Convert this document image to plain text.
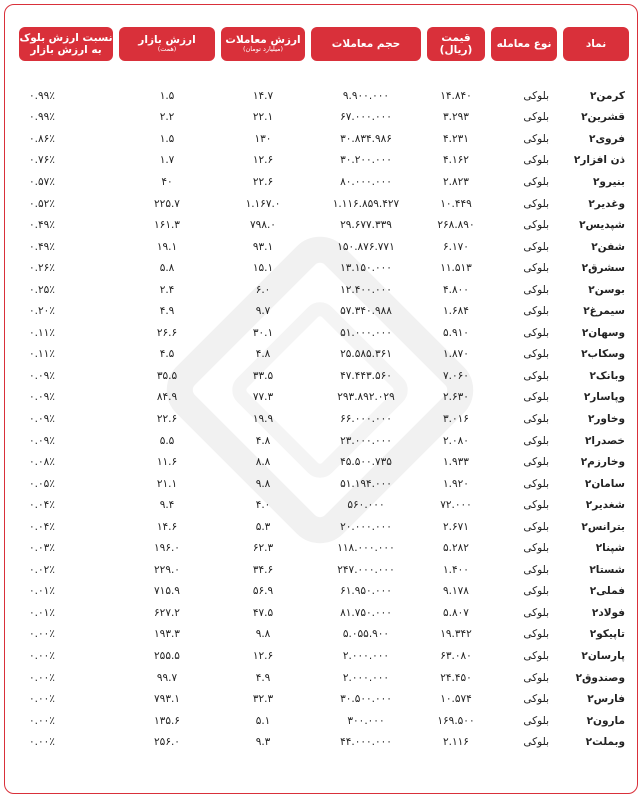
نماد
نوع معامله
قیمت (ریال)
حجم معاملات
ارزش معاملات
(میلیارد تومان)
ارزش بازار
(همت)
نسبت ارزش بلوک
به ارزش بازار
کرمن۲
بلوکی
۱۴.۸۴۰
۹.۹۰۰.۰۰۰
۱۴.۷
۱.۵
۰.۹۹٪
قشرین۲
بلوکی
۳.۲۹۳
۶۷.۰۰۰.۰۰۰
۲۲.۱
۲.۲
۰.۹۹٪
فروی۲
بلوکی
۴.۲۳۱
۳۰.۸۳۴.۹۸۶
۱۳۰
۱.۵
۰.۸۶٪
ذن افزار۲
بلوکی
۴.۱۶۲
۳۰.۲۰۰.۰۰۰
۱۲.۶
۱.۷
۰.۷۶٪
بنیرو۲
بلوکی
۲.۸۲۳
۸۰.۰۰۰.۰۰۰
۲۲.۶
۴۰
۰.۵۷٪
وغدیر۲
بلوکی
۱۰.۴۴۹
۱.۱۱۶.۸۵۹.۴۲۷
۱.۱۶۷.۰
۲۲۵.۷
۰.۵۲٪
شپدیس۲
بلوکی
۲۶۸.۸۹۰
۲۹.۶۷۷.۳۳۹
۷۹۸.۰
۱۶۱.۳
۰.۴۹٪
شفن۲
بلوکی
۶.۱۷۰
۱۵۰.۸۷۶.۷۷۱
۹۳.۱
۱۹.۱
۰.۴۹٪
سشرق۲
بلوکی
۱۱.۵۱۳
۱۳.۱۵۰.۰۰۰
۱۵.۱
۵.۸
۰.۲۶٪
بوسن۲
بلوکی
۴.۸۰۰
۱۲.۴۰۰.۰۰۰
۶.۰
۲.۴
۰.۲۵٪
سیمرغ۲
بلوکی
۱.۶۸۴
۵۷.۳۴۰.۹۸۸
۹.۷
۴.۹
۰.۲۰٪
وسهان۲
بلوکی
۵.۹۱۰
۵۱.۰۰۰.۰۰۰
۳۰.۱
۲۶.۶
۰.۱۱٪
وسکاب۲
بلوکی
۱.۸۷۰
۲۵.۵۸۵.۳۶۱
۴.۸
۴.۵
۰.۱۱٪
وبانک۲
بلوکی
۷.۰۶۰
۴۷.۴۴۳.۵۶۰
۳۳.۵
۳۵.۵
۰.۰۹٪
وپاسار۲
بلوکی
۲.۶۳۰
۲۹۳.۸۹۲.۰۲۹
۷۷.۳
۸۴.۹
۰.۰۹٪
وخاور۲
بلوکی
۳.۰۱۶
۶۶.۰۰۰.۰۰۰
۱۹.۹
۲۲.۶
۰.۰۹٪
خصدرا۲
بلوکی
۲.۰۸۰
۲۳.۰۰۰.۰۰۰
۴.۸
۵.۵
۰.۰۹٪
وخارزم۲
بلوکی
۱.۹۳۳
۴۵.۵۰۰.۷۳۵
۸.۸
۱۱.۶
۰.۰۸٪
سامان۲
بلوکی
۱.۹۲۰
۵۱.۱۹۴.۰۰۰
۹.۸
۲۱.۱
۰.۰۵٪
شغدیر۲
بلوکی
۷۲.۰۰۰
۵۶۰.۰۰۰
۴.۰
۹.۴
۰.۰۴٪
بترانس۲
بلوکی
۲.۶۷۱
۲۰.۰۰۰.۰۰۰
۵.۳
۱۴.۶
۰.۰۴٪
شپنا۲
بلوکی
۵.۲۸۲
۱۱۸.۰۰۰.۰۰۰
۶۲.۳
۱۹۶.۰
۰.۰۳٪
شستا۲
بلوکی
۱.۴۰۰
۲۴۷.۰۰۰.۰۰۰
۳۴.۶
۲۲۹.۰
۰.۰۲٪
فملی۲
بلوکی
۹.۱۷۸
۶۱.۹۵۰.۰۰۰
۵۶.۹
۷۱۵.۹
۰.۰۱٪
فولاد۲
بلوکی
۵.۸۰۷
۸۱.۷۵۰.۰۰۰
۴۷.۵
۶۲۷.۲
۰.۰۱٪
تاپیکو۲
بلوکی
۱۹.۳۴۲
۵.۰۵۵.۹۰۰
۹.۸
۱۹۳.۳
۰.۰۰٪
پارسان۲
بلوکی
۶۳.۰۸۰
۲.۰۰۰.۰۰۰
۱۲.۶
۲۵۵.۵
۰.۰۰٪
وصندوق۲
بلوکی
۲۴.۴۵۰
۲.۰۰۰.۰۰۰
۴.۹
۹۹.۷
۰.۰۰٪
فارس۲
بلوکی
۱۰.۵۷۴
۳۰.۵۰۰.۰۰۰
۳۲.۳
۷۹۳.۱
۰.۰۰٪
مارون۲
بلوکی
۱۶۹.۵۰۰
۳۰۰.۰۰۰
۵.۱
۱۳۵.۶
۰.۰۰٪
وبملت۲
بلوکی
۲.۱۱۶
۴۴.۰۰۰.۰۰۰
۹.۳
۲۵۶.۰
۰.۰۰٪
